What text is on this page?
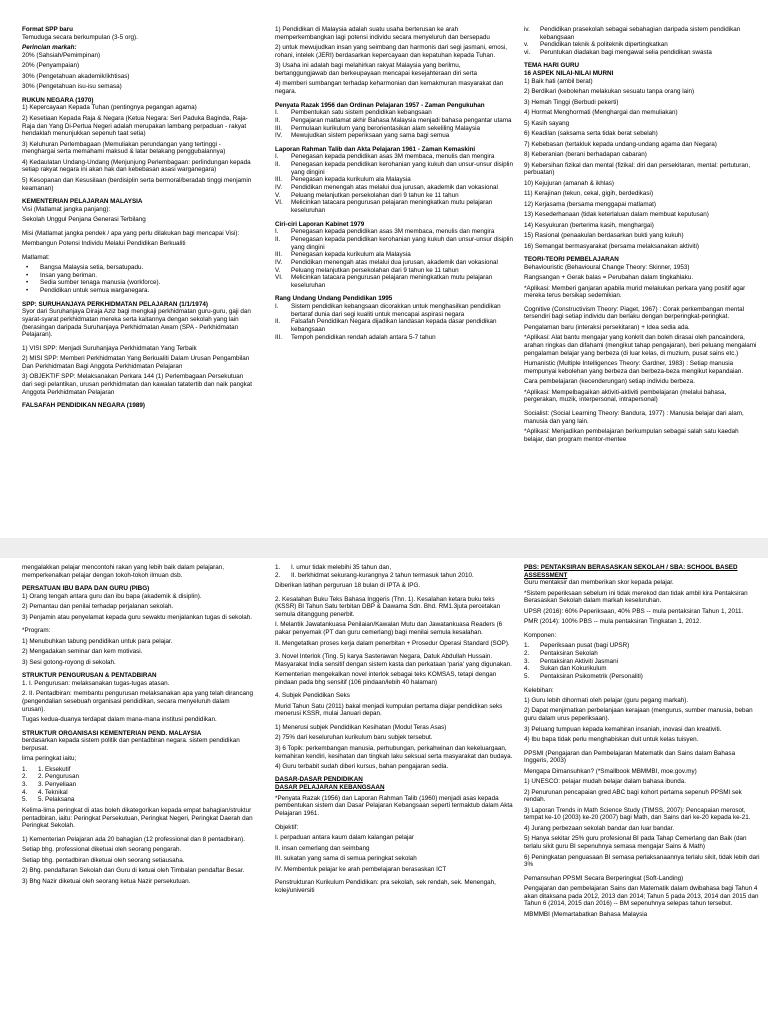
Format SPP baru

Temuduga secara berkumpulan (3-5 org).

Perincian markah:

20% (Sahsiah/Pemimpinan)

20% (Penyampaian)

30% (Pengetahuan akademik/ikhtisas)

30% (Pengetahuan isu-isu semasa)

RUKUN NEGARA (1970)

1) Kepercayaan Kepada Tuhan (pentingnya pegangan agama)

2) Kesetiaan Kepada Raja & Negara (Ketua Negara: Seri Paduka Baginda, Raja-Raja dan Yang Di-Pertua Negeri adalah merupakan lambang perpaduan - rakyat hendaklah menunjukkan sepenuh taat setia)

3) Keluhuran Perlembagaan (Memuliakan perundangan yang tertinggi - menghargai serta memahami maksud & latar belakang penggubalannya)

4) Kedaulatan Undang-Undang (Menjunjung Perlembagaan: perlindungan kepada setiap rakyat negara ini akan hak dan kebebasan asasi warganegara)

5) Kesopanan dan Kesusilaan (berdisiplin serta bermoral/beradab tinggi menjamin keamanan)

KEMENTERIAN PELAJARAN MALAYSIA

Visi (Matlamat jangka panjang):

Sekolah Unggul Penjana Generasi Terbilang

Misi (Matlamat jangka pendek / apa yang perlu dilakukan bagi mencapai Visi):

Membangun Potensi Individu Melalui Pendidikan Berkualiti

Matlamat:

•	Bangsa Malaysia setia, bersatupadu.
•	Insan yang beriman.
•	Sedia sumber tenaga manusia (workforce).
•	Pendidikan untuk semua warganegara.

SPP: SURUHANJAYA PERKHIDMATAN PELAJARAN (1/1/1974)

Syor dari Suruhanjaya Diraja Aziz bagi mengkaji perkhidmatan guru-guru, gaji dan syarat-syarat perkhidmatan mereka serta kaitannya dengan sekolah yang lain (berasingan daripada Suruhanjaya Perkhidmatan Awam (SPA - Perkhidmatan Pelajaran).

1) VISI SPP: Menjadi Suruhanjaya Perkhidmatan Yang Terbaik

2) MISI SPP: Memberi Perkhidmatan Yang Berkualiti Dalam Urusan Pengambilan Dan Perkhidmatan Bagi Anggota Perkhidmatan Pelajaran

3) OBJEKTIF SPP: Melaksanakan Perkara 144 (1) Perlembagaan Persekutuan dari segi pelantikan, urusan perkhidmatan dan kawalan tatatertib dan naik pangkat Anggota Perkhidmatan Pelajaran

FALSAFAH PENDIDIKAN NEGARA (1989)

1) Pendidikan di Malaysia adalah suatu usaha berterusan ke arah memperkembangkan lagi potensi individu secara menyeluruh dan bersepadu

2) untuk mewujudkan insan yang seimbang dan harmonis dari segi jasmani, emosi, rohani, intelek (JERI) berdasarkan kepercayaan dan kepatuhan kepada Tuhan.

3) Usaha ini adalah bagi melahirkan rakyat Malaysia yang berilmu, bertanggungjawab dan berkeupayaan mencapai kesejahteraan diri serta

4) memberi sumbangan terhadap keharmonian dan kemakmuran masyarakat dan negara.

Penyata Razak 1956 dan Ordinan Pelajaran 1957 - Zaman Pengukuhan

I.	Pembentukan satu sistem pendidikan kebangsaan
II.	Pengajaran matlamat akhir Bahasa Malaysia menjadi bahasa pengantar utama
III.	Permulaan kurikulum yang berorientasikan alam sekeliling Malaysia
IV.	Mewujudkan sistem peperiksaan yang sama bagi semua

Laporan Rahman Talib dan Akta Pelajaran 1961 - Zaman Kemaskini

I.	Penegasan kepada pendidikan asas 3M membaca, menulis dan mengira
II.	Penegasan kepada pendidikan kerohanian yang kukuh dan unsur-unsur disiplin yang dingini
III.	Penegasan kepada kurikulum ala Malaysia
IV.	Pendidikan menengah atas melalui dua jurusan, akademik dan vokasional
V.	Peluang melanjutkan persekolahan dari 9 tahun ke 11 tahun
VI.	Melicinkan tatacara pengurusan pelajaran meningkatkan mutu pelajaran keseluruhan

Ciri-ciri Laporan Kabinet 1979

I.	Penegasan kepada pendidikan asas 3M membaca, menulis dan mengira
II.	Penegasan kepada pendidikan kerohanian yang kukuh dan unsur-unsur disiplin yang dingini
III.	Penegasan kepada kurikulum ala Malaysia
IV.	Pendidikan menengah atas melalui dua jurusan, akademik dan vokasional
V.	Peluang melanjutkan persekolahan dari 9 tahun ke 11 tahun
VI.	Melicinkan tatacara pengurusan pelajaran meningkatkan mutu pelajaran keseluruhan

Rang Undang Undang Pendidikan 1995

I.	Sistem pendidikan kebangsaan dicorakkan untuk menghasilkan pendidikan bertaraf dunia dari segi kualiti untuk mencapai aspirasi negara
II.	Falsafah Pendidikan Negara dijadikan landasan kepada dasar pendidikan kebangsaan
III.	Tempoh pendidikan rendah adalah antara 5-7 tahun
iv.	Pendidikan prasekolah sebagai sebahagian daripada sistem pendidikan kebangsaan
v.	Pendidikan teknik & politeknik dipertingkatkan
vi.	Peruntukan diadakan bagi mengawal selia pendidikan swasta

TEMA HARI GURU

16 ASPEK NILAI-NILAI MURNI

1) Baik hati (ambil berat)

2) Berdikari (kebolehan melakukan sesuatu tanpa orang lain)

3) Hemah Tinggi (Berbudi pekerti)

4) Hormat Menghormati (Menghargai dan memuliakan)

5) Kasih sayang

6) Keadilan (saksama serta tidak berat sebelah)

7) Kebebasan (tertakluk kepada undang-undang agama dan Negara)

8) Keberanian (berani berhadapan cabaran)

9) Kebersihan fizikal dan mental (fizikal: diri dan persekitaran, mental: pertuturan, perbuatan)

10) Kejujuran (amanah & ikhlas)

11) Kerajinan (tekun, cekal, gigih, berdedikasi)

12) Kerjasama (bersama menggapai matlamat)

13) Kesederhanaan (tidak keterlaluan dalam membuat keputusan)

14) Kesyukuran (berterima kasih, menghargai)

15) Rasional (penaakulan berdasarkan bukti yang kukuh)

16) Semangat bermasyarakat (bersama melaksanakan aktiviti)

TEORI-TEORI PEMBELAJARAN

Behaviouristic (Behavioural Change Theory: Skinner, 1953)

Rangsangan + Gerak balas = Perubahan dalam tingkahlaku.

*Aplikasi: Memberi ganjaran apabila murid melakukan perkara yang positif agar mereka terus bersikap sedemikian.

Cognitive (Constructivism Theory: Piaget, 1967) : Corak perkembangan mental tersendiri bagi setiap individu dan berlaku dengan berperingkat-peringkat.

Pengalaman baru (interaksi persekitaran) + Idea sedia ada.

*Aplikasi: Alat bantu mengajar yang konkrit dan boleh dirasai oleh pancaindera, arahan ringkas dan difahami (mengikut tahap pengajaran), beri peluang mengalami pengalaman belajar yang berbeza (di luar kelas, di muzium, pusat sains etc.)

Humanistic (Multiple Intelligences Theory: Gardner, 1983) : Setiap manusia mempunyai kebolehan yang berbeza dan berbeza-beza mengikut kepandaian.

Cara pembelajaran (kecenderungan) setiap individu berbeza.

*Aplikasi: Mempelbagaikan aktiviti-aktiviti pembelajaran (melalui bahasa, pergerakan, muzik, interpersonal, intrapersonal)

Socialist: (Social Learning Theory: Bandura, 1977) : Manusia belajar dari alam, manusia dan yang lain.

*Aplikasi: Menjadikan pembelajaran berkumpulan sebagai salah satu kaedah belajar, dan program mentor-mentee

mengalakkan pelajar mencontohi rakan yang lebih baik dalam pelajaran, memperkenalkan pelajar dengan tokoh-tokoh ilmuan dsb.

PERSATUAN IBU BAPA DAN GURU (PIBG)

1) Orang tengah antara guru dan ibu bapa (akademik & disiplin).

2) Pemantau dan penilai terhadap perjalanan sekolah.

3) Penjamin atau penyelamat kepada guru sewaktu menjalankan tugas di sekolah.

*Program:

1) Menubuhkan tabung pendidikan untuk para pelajar.

2) Mengadakan seminar dan kem motivasi.

3) Sesi gotong-royong di sekolah.

STRUKTUR PENGURUSAN & PENTADBIRAN

1. I. Pengurusan: melaksanakan tugas-tugas atasan.

2. II. Pentadbiran: membantu pengurusan melaksanakan apa yang telah dirancang (pengendalian sesebuah organisasi pendidikan, secara menyeluruh dalam urusan).

Tugas kedua-duanya terdapat dalam mana-mana institusi pendidikan.

STRUKTUR ORGANISASI KEMENTERIAN PEND. MALAYSIA

berdasarkan kepada sistem politik dan pentadbiran negara. sistem pendidikan berpusat.

lima peringkat iaitu;

1.	1. Eksekutif
2.	2. Pengurusan
3.	3. Penyeliaan
4.	4. Teknikal
5.	5. Pelaksana

Kelima-lima peringkat di atas boleh dikategorikan kepada empat bahagian/struktur pentadbiran, iaitu: Peringkat Persekutuan, Peringkat Negeri, Peringkat Daerah dan Peringkat Sekolah.

1) Kementerian Pelajaran ada 20 bahagian (12 professional dan 8 pentadbiran).

Setiap bhg. professional diketuai oleh seorang pengarah.

Setiap bhg. pentadbiran diketuai oleh seorang setiausaha.

2) Bhg. pendaftaran Sekolah dan Guru di ketuai oleh Timbalan pendaftar Besar.

3) Bhg Nazir diketuai oleh seorang ketua Nazir persekutuan.

1.	I. umur tidak melebihi 35 tahun dan,
2.	II. berkhidmat sekurang-kurangnya 2 tahun termasuk tahun 2010.

Diberikan latihan perguruan 18 bulan di IPTA & IPG.

2. Kesalahan Buku Teks Bahasa Inggeris (Thn. 1). Kesalahan ketara buku teks (KSSR) BI Tahun Satu terbitan DBP & Dawama Sdn. Bhd. RM1.3juta percetakan semula ditanggung penerbit.

I. Melantik Jawatankuasa Penilaian/Kawalan Mutu dan Jawatankuasa Readers (6 pakar penyemak (PT dan guru cemerlang) bagi menilai semula kesalahan.

II. Mengetatkan proses kerja dalam penerbitan + Prosedur Operasi Standard (SOP).

3. Novel Interlok (Ting. 5) karya Sasterawan Negara, Datuk Abdullah Hussain. Masyarakat India sensitif dengan sistem kasta dan perkataan 'paria' yang digunakan.

Kementerian mengekalkan novel interlok sebagai teks KOMSAS, tetapi dengan pindaan pada bhg sensitif (106 pindaan/lebih 40 halaman)

4. Subjek Pendidikan Seks

Murid Tahun Satu (2011) bakal menjadi kumpulan pertama diajar pendidikan seks menerusi KSSR, mulai Januari depan.

1) Menerusi subjek Pendidikan Kesihatan (Modul Teras Asas)

2) 75% dari keseluruhan kurikulum baru subjek tersebut.

3) 6 Topik: perkembangan manusia, perhubungan, perkahwinan dan kekeluargaan, kemahiran kendiri, kesihatan dan tingkah laku seksual serta masyarakat dan budaya.

4) Guru terbabit sudah diberi kursus, bahan pengajaran sedia.

DASAR-DASAR PENDIDIKAN

DASAR PELAJARAN KEBANGSAAN

*Penyata Razak (1956) dan Laporan Rahman Talib (1960) menjadi asas kepada pembentukan sistem dan Dasar Pelajaran Kebangsaan seperti termaktub dalam Akta Pelajaran 1961.

Objektif:

I. perpaduan antara kaum dalam kalangan pelajar

II. insan cemerlang dan seimbang

III. sukatan yang sama di semua peringkat sekolah

IV. Membentuk pelajar ke arah pembelajaran berasaskan ICT

Penstrukturan Kurikulum Pendidikan: pra sekolah, sek rendah, sek. Menengah, kolej/universiti

PBS: PENTAKSIRAN BERASASKAN SEKOLAH / SBA: SCHOOL BASED ASSESSMENT

Guru mentaksir dan memberikan skor kepada pelajar.

*Sistem peperiksaan sebelum ini tidak merekod dan tidak ambil kira Pentaksiran Berasaskan Sekolah dalam markah keseluruhan.

UPSR (2016): 60% Peperiksaan, 40% PBS -- mula pentaksiran Tahun 1, 2011.

PMR (2014): 100% PBS -- mula pentaksiran Tingkatan 1, 2012.

Komponen:

1.	Peperiksaan pusat (bagi UPSR)
2.	Pentaksiran Sekolah
3.	Pentaksiran Aktiviti Jasmani
4.	Sukan dan Kokurikulum
5.	Pentaksiran Psikometrik (Personaliti)

Kelebihan:

1) Guru lebih dihormati oleh pelajar (guru pegang markah).

2) Dapat menjimatkan perbelanjaan kerajaan (mengurus, sumber manusia, beban guru dalam urus peperiksaan).

3) Peluang tumpuan kepada kemahiran insaniah, inovasi dan kreativiti.

4) Ibu bapa tidak perlu menghabiskan duit untuk kelas tuisyen.

PPSMI (Pengajaran dan Pembelajaran Matematik dan Sains dalam Bahasa Inggeris, 2003)

Mengapa Dimansuhkan? (*Smallbook MBMMBI, moe.gov.my)

1) UNESCO: pelajar mudah belajar dalam bahasa ibunda.

2) Penurunan pencapaian gred ABC bagi kohort pertama sepenuh PPSMI sek rendah.

3) Laporan Trends in Math Science Study (TIMSS, 2007): Pencapaian merosot, tempat ke-10 (2003) ke-20 (2007) bagi Math, dan Sains dari ke-20 kepada ke-21.

4) Jurang perbezaan sekolah bandar dan luar bandar.

5) Hanya sekitar 25% guru profesional BI pada Tahap Cemerlang dan Baik (dan terlalu sikit guru BI sepenuhnya semasa mengajar Sains & Math)

6) Peningkatan penguasaan BI semasa perlaksanaannya terlalu sikit, tidak lebih dari 3%

Pemansuhan PPSMI Secara Berperingkat (Soft-Landing)

Pengajaran dan pembelajaran Sains dan Matematik dalam dwibahasa bagi Tahun 4 akan ditaksana pada 2012, 2013 dan 2014; Tahun 5 pada 2013, 2014 dan 2015 dan Tahun 6 (2014, 2015 dan 2016) -- BM sepenuhnya selepas tahun tersebut.

MBMMBI (Memartabatkan Bahasa Malaysia
